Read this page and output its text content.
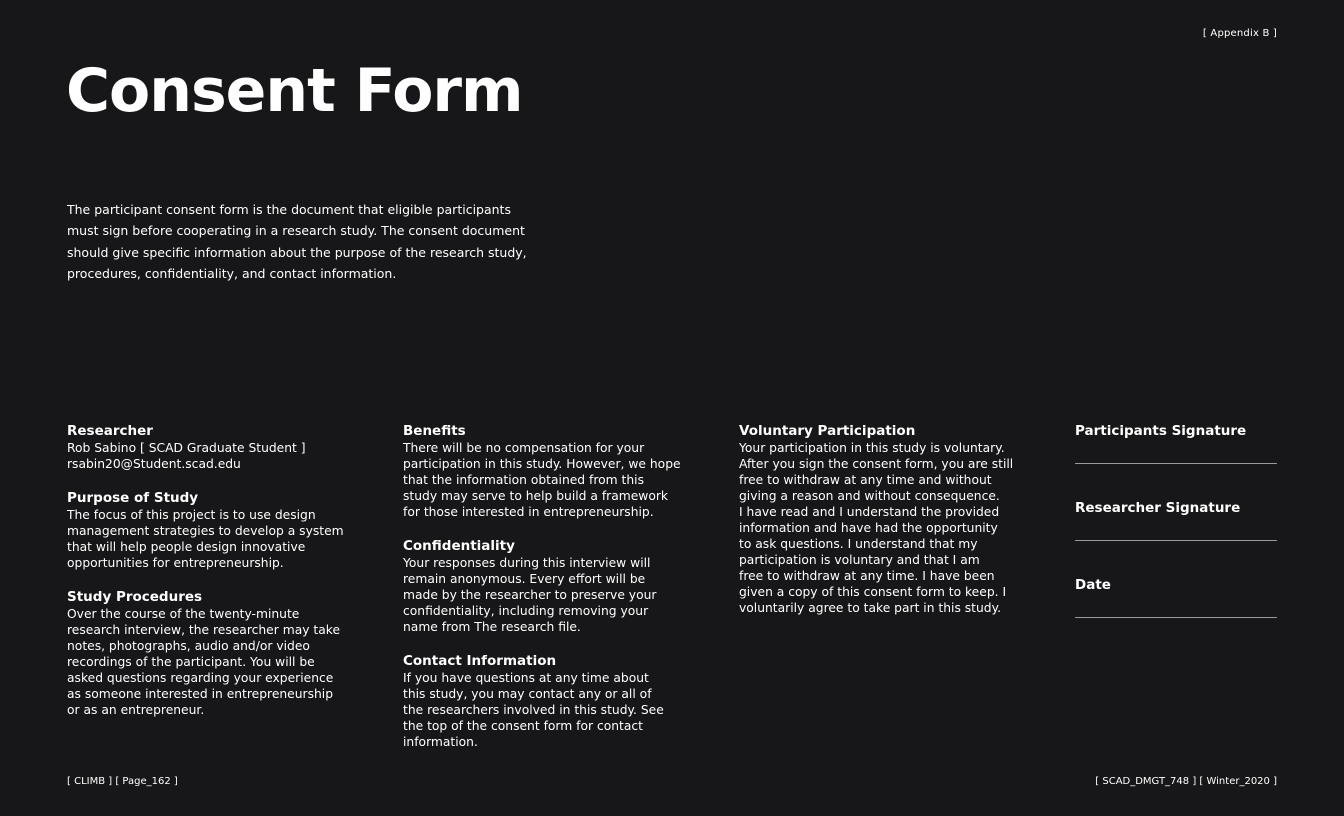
[ Appendix B ]
Consent Form

The participant consent form is the document that eligible participants must sign before cooperating in a research study. The consent document should give specific information about the purpose of the research study, procedures, confidentiality, and contact information.

Researcher

Rob Sabino [ SCAD Graduate Student ]
rsabin20@Student.scad.edu

Purpose of Study

The focus of this project is to use design
management strategies to develop a system
that will help people design innovative
opportunities for entrepreneurship.

Study Procedures

Over the course of the twenty-minute
research interview, the researcher may take
notes, photographs, audio and/or video
recordings of the participant. You will be
asked questions regarding your experience
as someone interested in entrepreneurship
or as an entrepreneur.

Benefits

There will be no compensation for your
participation in this study. However, we hope
that the information obtained from this
study may serve to help build a framework
for those interested in entrepreneurship.

Confidentiality

Your responses during this interview will
remain anonymous. Every effort will be
made by the researcher to preserve your
confidentiality, including removing your
name from The research file.

Contact Information

If you have questions at any time about
this study, you may contact any or all of
the researchers involved in this study. See
the top of the consent form for contact
information.

Voluntary Participation

Your participation in this study is voluntary.
After you sign the consent form, you are still
free to withdraw at any time and without
giving a reason and without consequence.
I have read and I understand the provided
information and have had the opportunity
to ask questions. I understand that my
participation is voluntary and that I am
free to withdraw at any time. I have been
given a copy of this consent form to keep. I
voluntarily agree to take part in this study.

Participants Signature
Researcher Signature
Date
[ CLIMB ] [ Page_162 ]	[ SCAD_DMGT_748 ] [ Winter_2020 ]
